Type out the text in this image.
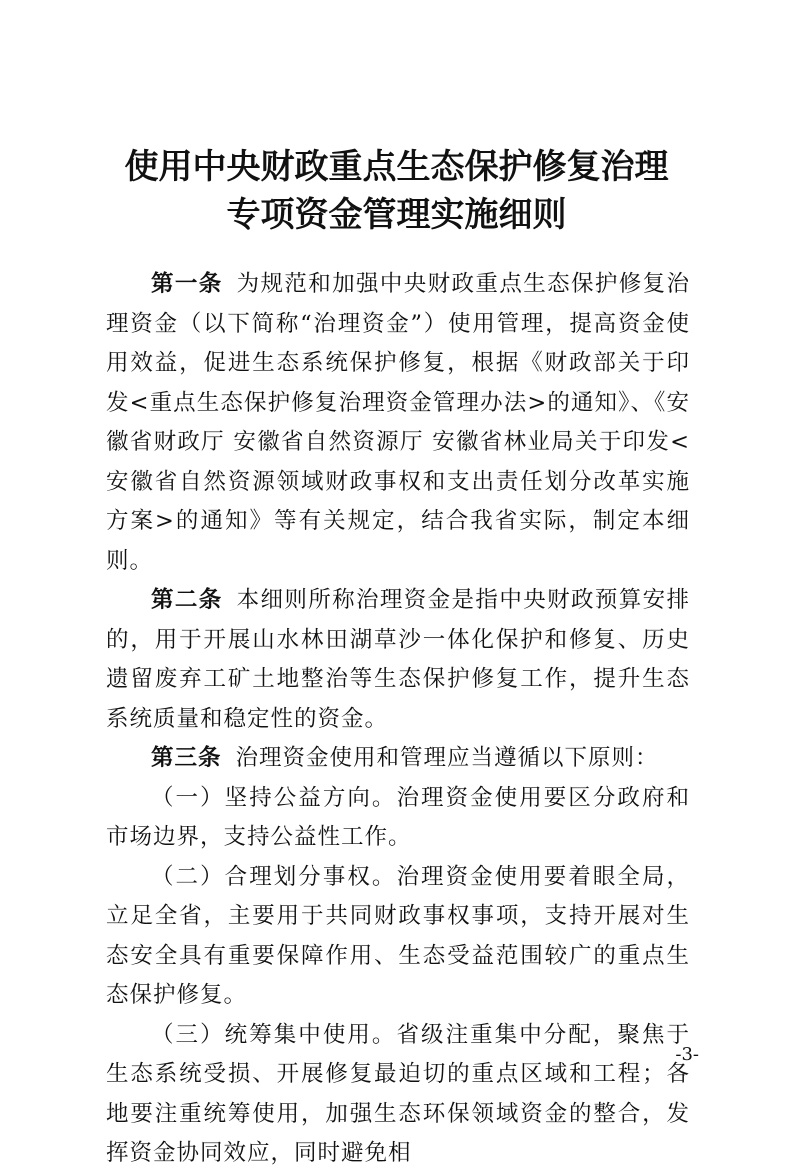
使用中央财政重点生态保护修复治理
专项资金管理实施细则

第一条 为规范和加强中央财政重点生态保护修复治理资金（以下简称“治理资金”）使用管理，提高资金使用效益，促进生态系统保护修复，根据《财政部关于印发<重点生态保护修复治理资金管理办法>的通知》、《安徽省财政厅 安徽省自然资源厅 安徽省林业局关于印发<安徽省自然资源领域财政事权和支出责任划分改革实施方案>的通知》等有关规定，结合我省实际，制定本细则。

第二条 本细则所称治理资金是指中央财政预算安排的，用于开展山水林田湖草沙一体化保护和修复、历史遗留废弃工矿土地整治等生态保护修复工作，提升生态系统质量和稳定性的资金。

第三条 治理资金使用和管理应当遵循以下原则：

（一）坚持公益方向。治理资金使用要区分政府和市场边界，支持公益性工作。

（二）合理划分事权。治理资金使用要着眼全局，立足全省，主要用于共同财政事权事项，支持开展对生态安全具有重要保障作用、生态受益范围较广的重点生态保护修复。

（三）统筹集中使用。省级注重集中分配，聚焦于生态系统受损、开展修复最迫切的重点区域和工程；各地要注重统筹使用，加强生态环保领域资金的整合，发挥资金协同效应，同时避免相

-3-
